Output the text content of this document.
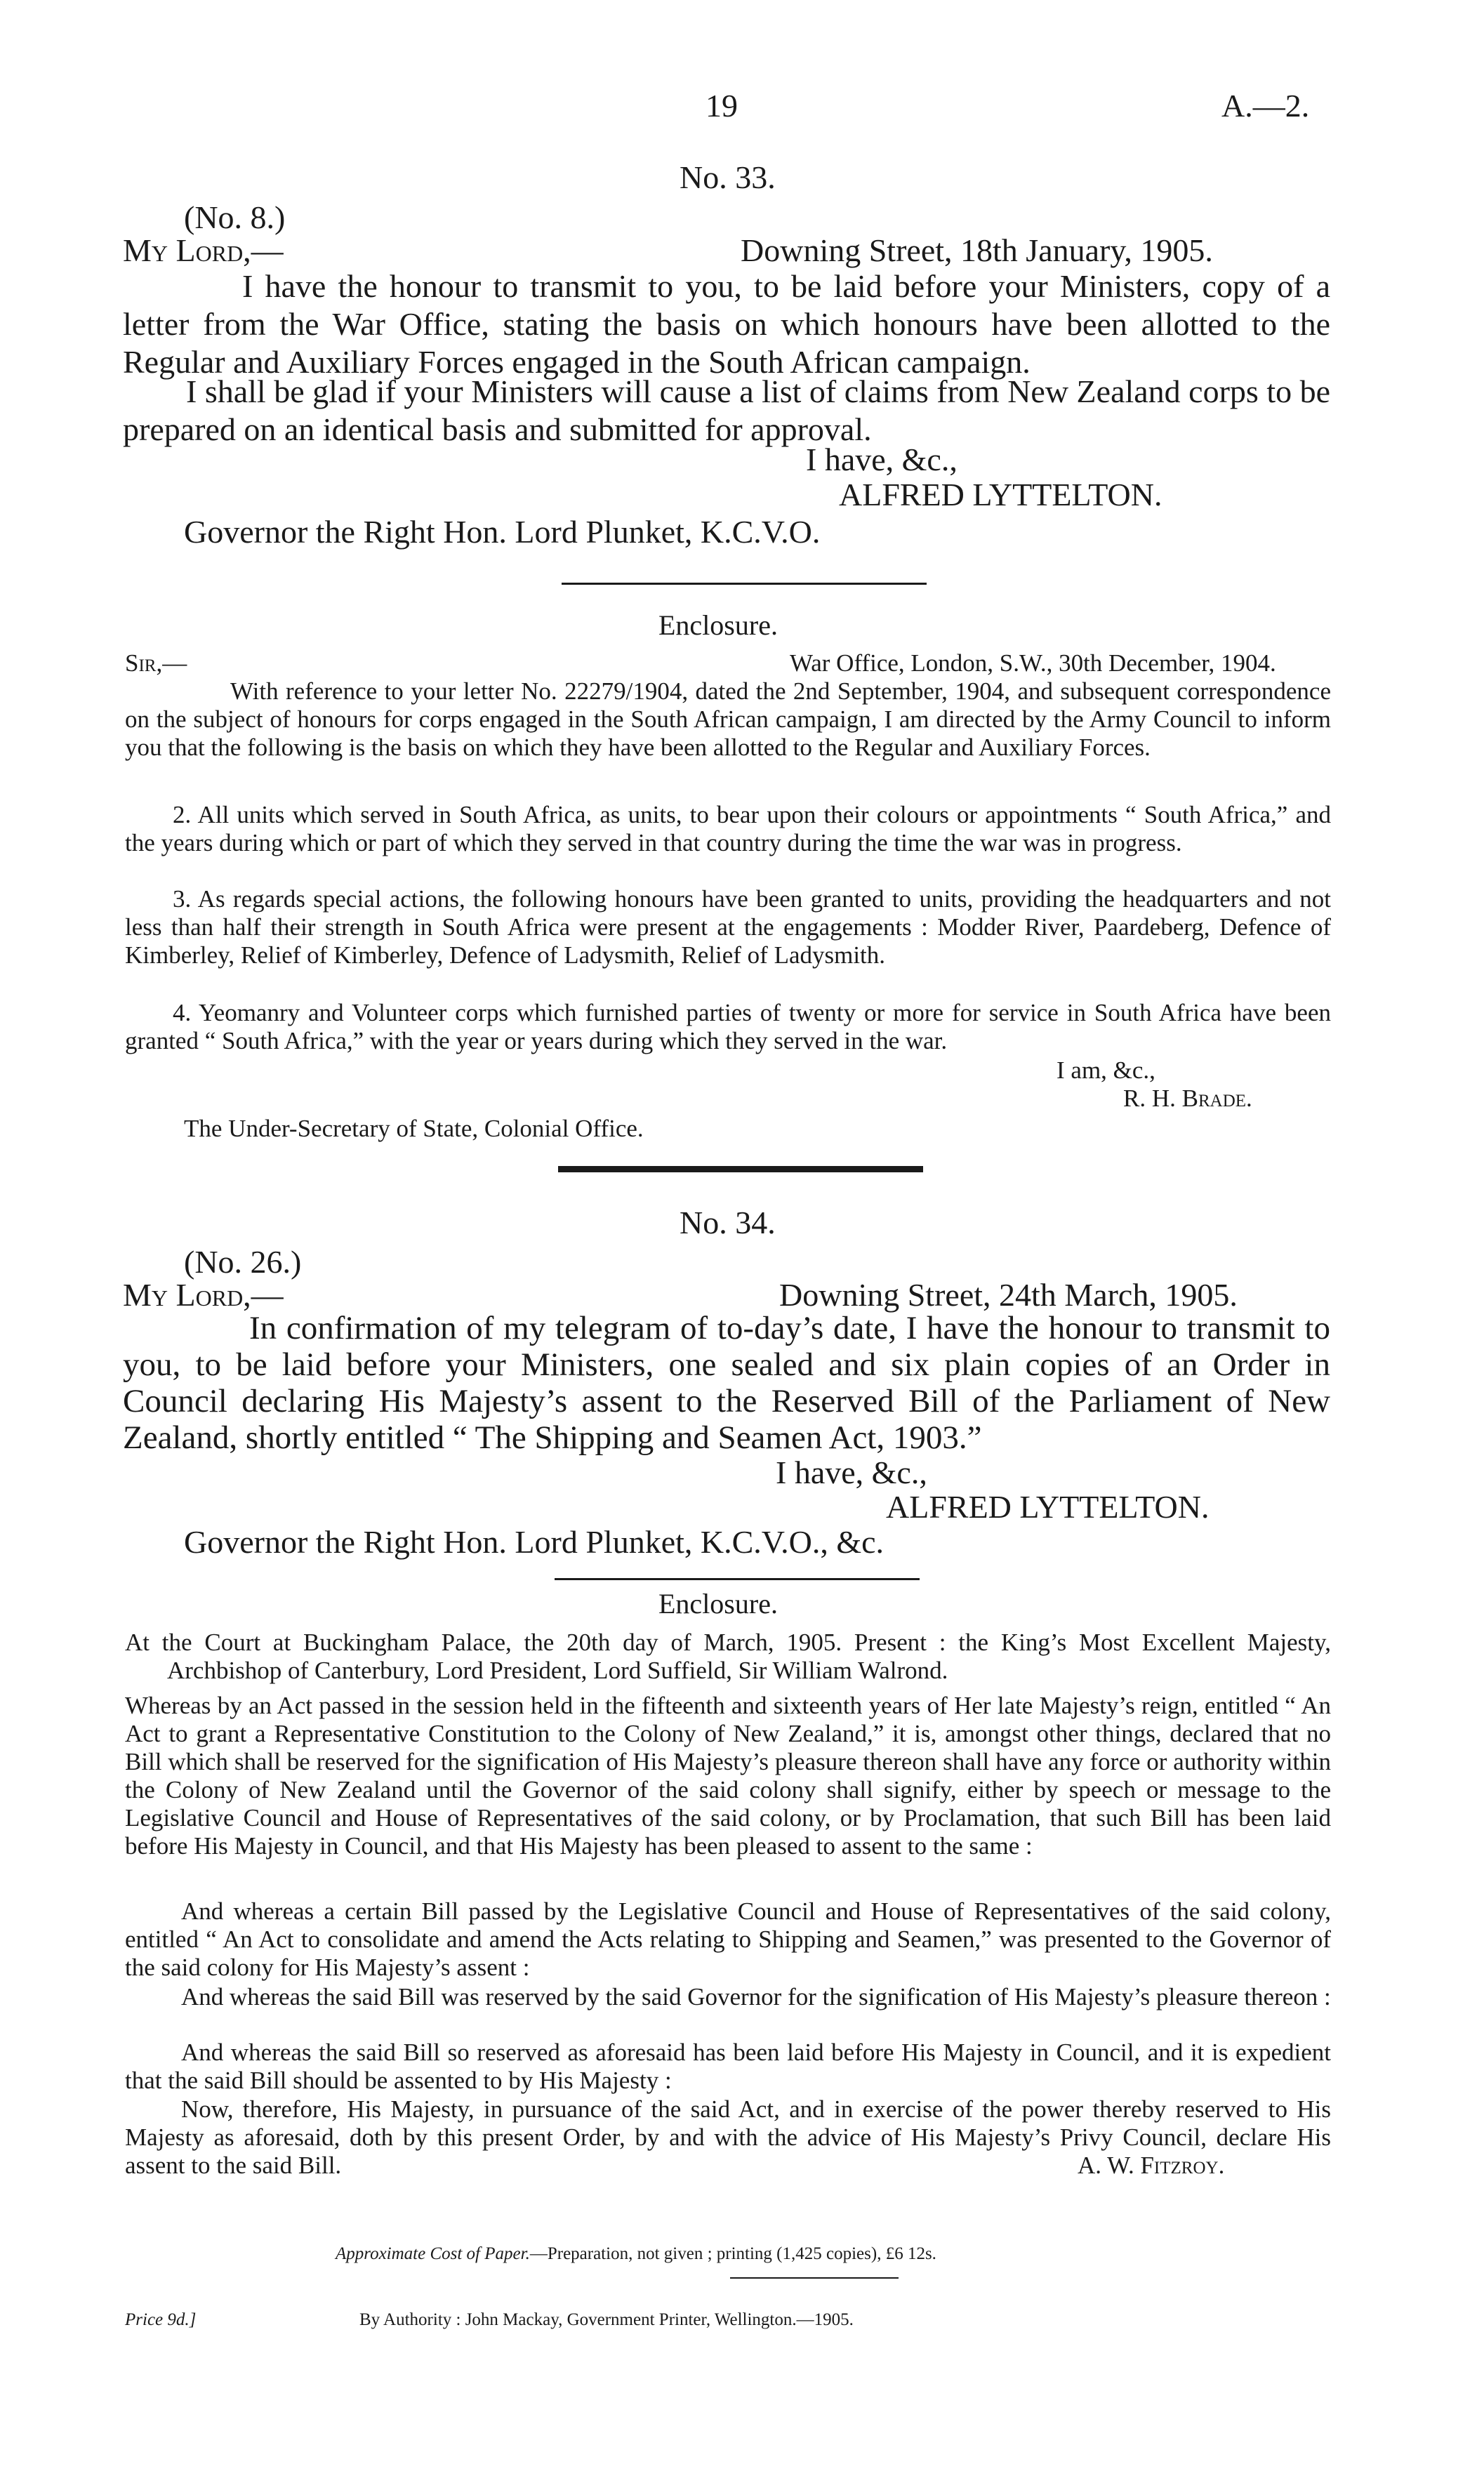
19	A.—2.
No. 33.
(No. 8.)
My Lord,—	Downing Street, 18th January, 1905.
I have the honour to transmit to you, to be laid before your Ministers, copy of a letter from the War Office, stating the basis on which honours have been allotted to the Regular and Auxiliary Forces engaged in the South African campaign.
I shall be glad if your Ministers will cause a list of claims from New Zealand corps to be prepared on an identical basis and submitted for approval.
I have, &c.,
ALFRED LYTTELTON.
Governor the Right Hon. Lord Plunket, K.C.V.O.
Enclosure.
Sir,—	War Office, London, S.W., 30th December, 1904.
With reference to your letter No. 22279/1904, dated the 2nd September, 1904, and subsequent correspondence on the subject of honours for corps engaged in the South African campaign, I am directed by the Army Council to inform you that the following is the basis on which they have been allotted to the Regular and Auxiliary Forces.
2. All units which served in South Africa, as units, to bear upon their colours or appointments “ South Africa,” and the years during which or part of which they served in that country during the time the war was in progress.
3. As regards special actions, the following honours have been granted to units, providing the headquarters and not less than half their strength in South Africa were present at the engagements : Modder River, Paardeberg, Defence of Kimberley, Relief of Kimberley, Defence of Ladysmith, Relief of Ladysmith.
4. Yeomanry and Volunteer corps which furnished parties of twenty or more for service in South Africa have been granted “ South Africa,” with the year or years during which they served in the war.
I am, &c.,
R. H. Brade.
The Under-Secretary of State, Colonial Office.
No. 34.
(No. 26.)
My Lord,—	Downing Street, 24th March, 1905.
In confirmation of my telegram of to-day’s date, I have the honour to transmit to you, to be laid before your Ministers, one sealed and six plain copies of an Order in Council declaring His Majesty’s assent to the Reserved Bill of the Parliament of New Zealand, shortly entitled “ The Shipping and Seamen Act, 1903.”
I have, &c.,
ALFRED LYTTELTON.
Governor the Right Hon. Lord Plunket, K.C.V.O., &c.
Enclosure.
At the Court at Buckingham Palace, the 20th day of March, 1905. Present : the King’s Most Excellent Majesty, Archbishop of Canterbury, Lord President, Lord Suffield, Sir William Walrond.
Whereas by an Act passed in the session held in the fifteenth and sixteenth years of Her late Majesty’s reign, entitled “ An Act to grant a Representative Constitution to the Colony of New Zealand,” it is, amongst other things, declared that no Bill which shall be reserved for the signification of His Majesty’s pleasure thereon shall have any force or authority within the Colony of New Zealand until the Governor of the said colony shall signify, either by speech or message to the Legislative Council and House of Representatives of the said colony, or by Proclamation, that such Bill has been laid before His Majesty in Council, and that His Majesty has been pleased to assent to the same :
And whereas a certain Bill passed by the Legislative Council and House of Representatives of the said colony, entitled “ An Act to consolidate and amend the Acts relating to Shipping and Seamen,” was presented to the Governor of the said colony for His Majesty’s assent :
And whereas the said Bill was reserved by the said Governor for the signification of His Majesty’s pleasure thereon :
And whereas the said Bill so reserved as aforesaid has been laid before His Majesty in Council, and it is expedient that the said Bill should be assented to by His Majesty :
Now, therefore, His Majesty, in pursuance of the said Act, and in exercise of the power thereby reserved to His Majesty as aforesaid, doth by this present Order, by and with the advice of His Majesty’s Privy Council, declare His assent to the said Bill.	A. W. Fitzroy.
Approximate Cost of Paper.—Preparation, not given ; printing (1,425 copies), £6 12s.
Price 9d.]	By Authority : John Mackay, Government Printer, Wellington.—1905.
